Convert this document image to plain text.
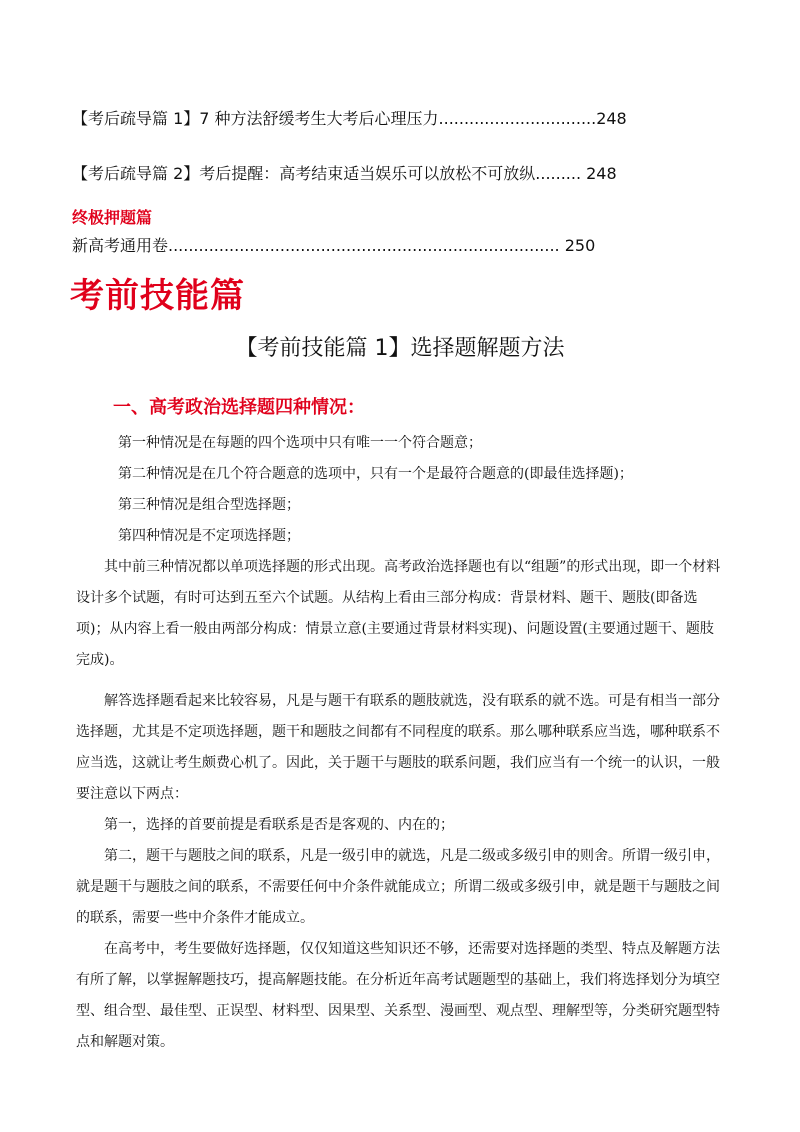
【考后疏导篇 1】7 种方法舒缓考生大考后心理压力...............................248
【考后疏导篇 2】考后提醒：高考结束适当娱乐可以放松不可放纵......... 248
终极押题篇
新高考通用卷............................................................................. 250
考前技能篇
【考前技能篇 1】选择题解题方法
一、高考政治选择题四种情况：

第一种情况是在每题的四个选项中只有唯一一个符合题意；

第二种情况是在几个符合题意的选项中，只有一个是最符合题意的(即最佳选择题)；

第三种情况是组合型选择题；

第四种情况是不定项选择题；

其中前三种情况都以单项选择题的形式出现。高考政治选择题也有以“组题”的形式出现，即一个材料设计多个试题，有时可达到五至六个试题。从结构上看由三部分构成：背景材料、题干、题肢(即备选项)；从内容上看一般由两部分构成：情景立意(主要通过背景材料实现)、问题设置(主要通过题干、题肢完成)。

解答选择题看起来比较容易，凡是与题干有联系的题肢就选，没有联系的就不选。可是有相当一部分选择题，尤其是不定项选择题，题干和题肢之间都有不同程度的联系。那么哪种联系应当选，哪种联系不应当选，这就让考生颇费心机了。因此，关于题干与题肢的联系问题，我们应当有一个统一的认识，一般要注意以下两点：

第一，选择的首要前提是看联系是否是客观的、内在的；

第二，题干与题肢之间的联系，凡是一级引申的就选，凡是二级或多级引申的则舍。所谓一级引申，就是题干与题肢之间的联系，不需要任何中介条件就能成立；所谓二级或多级引申，就是题干与题肢之间的联系，需要一些中介条件才能成立。

在高考中，考生要做好选择题，仅仅知道这些知识还不够，还需要对选择题的类型、特点及解题方法有所了解，以掌握解题技巧，提高解题技能。在分析近年高考试题题型的基础上，我们将选择划分为填空型、组合型、最佳型、正误型、材料型、因果型、关系型、漫画型、观点型、理解型等，分类研究题型特点和解题对策。
